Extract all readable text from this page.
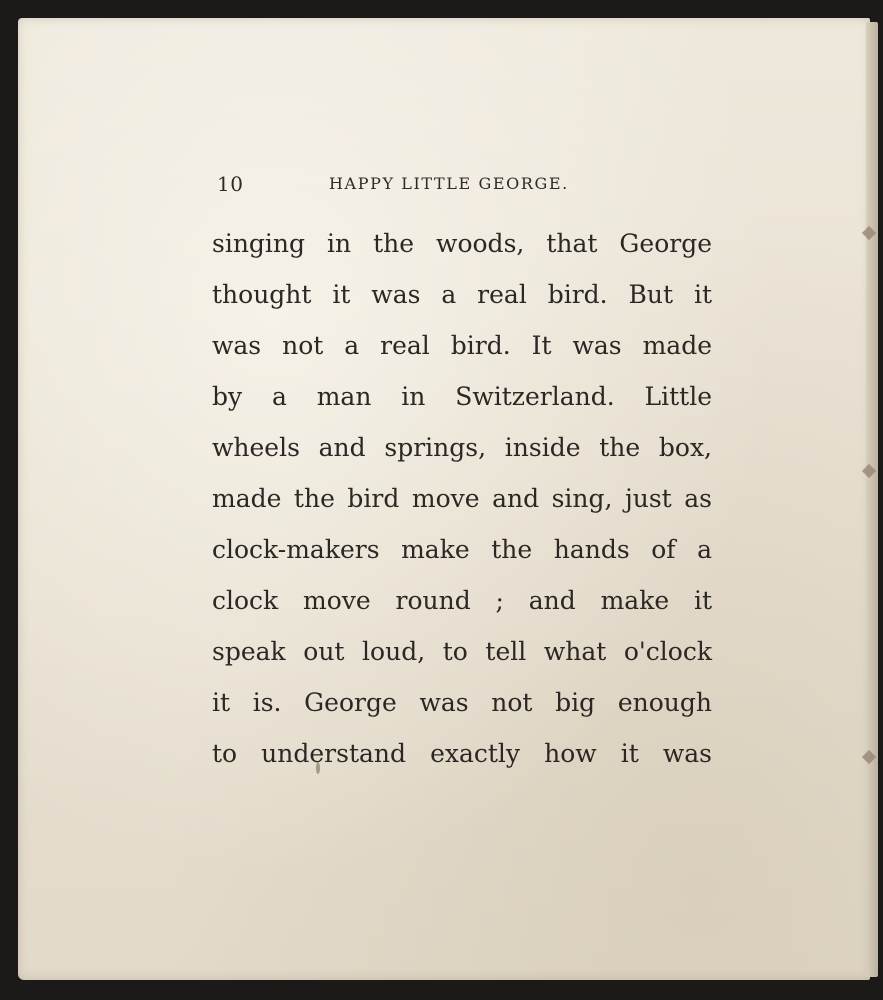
10	HAPPY LITTLE GEORGE.
singing in the woods, that George
thought it was a real bird. But it
was not a real bird. It was made
by a man in Switzerland. Little
wheels and springs, inside the box,
made the bird move and sing, just as
clock-makers make the hands of a
clock move round ; and make it
speak out loud, to tell what o'clock
it is. George was not big enough
to understand exactly how it was
